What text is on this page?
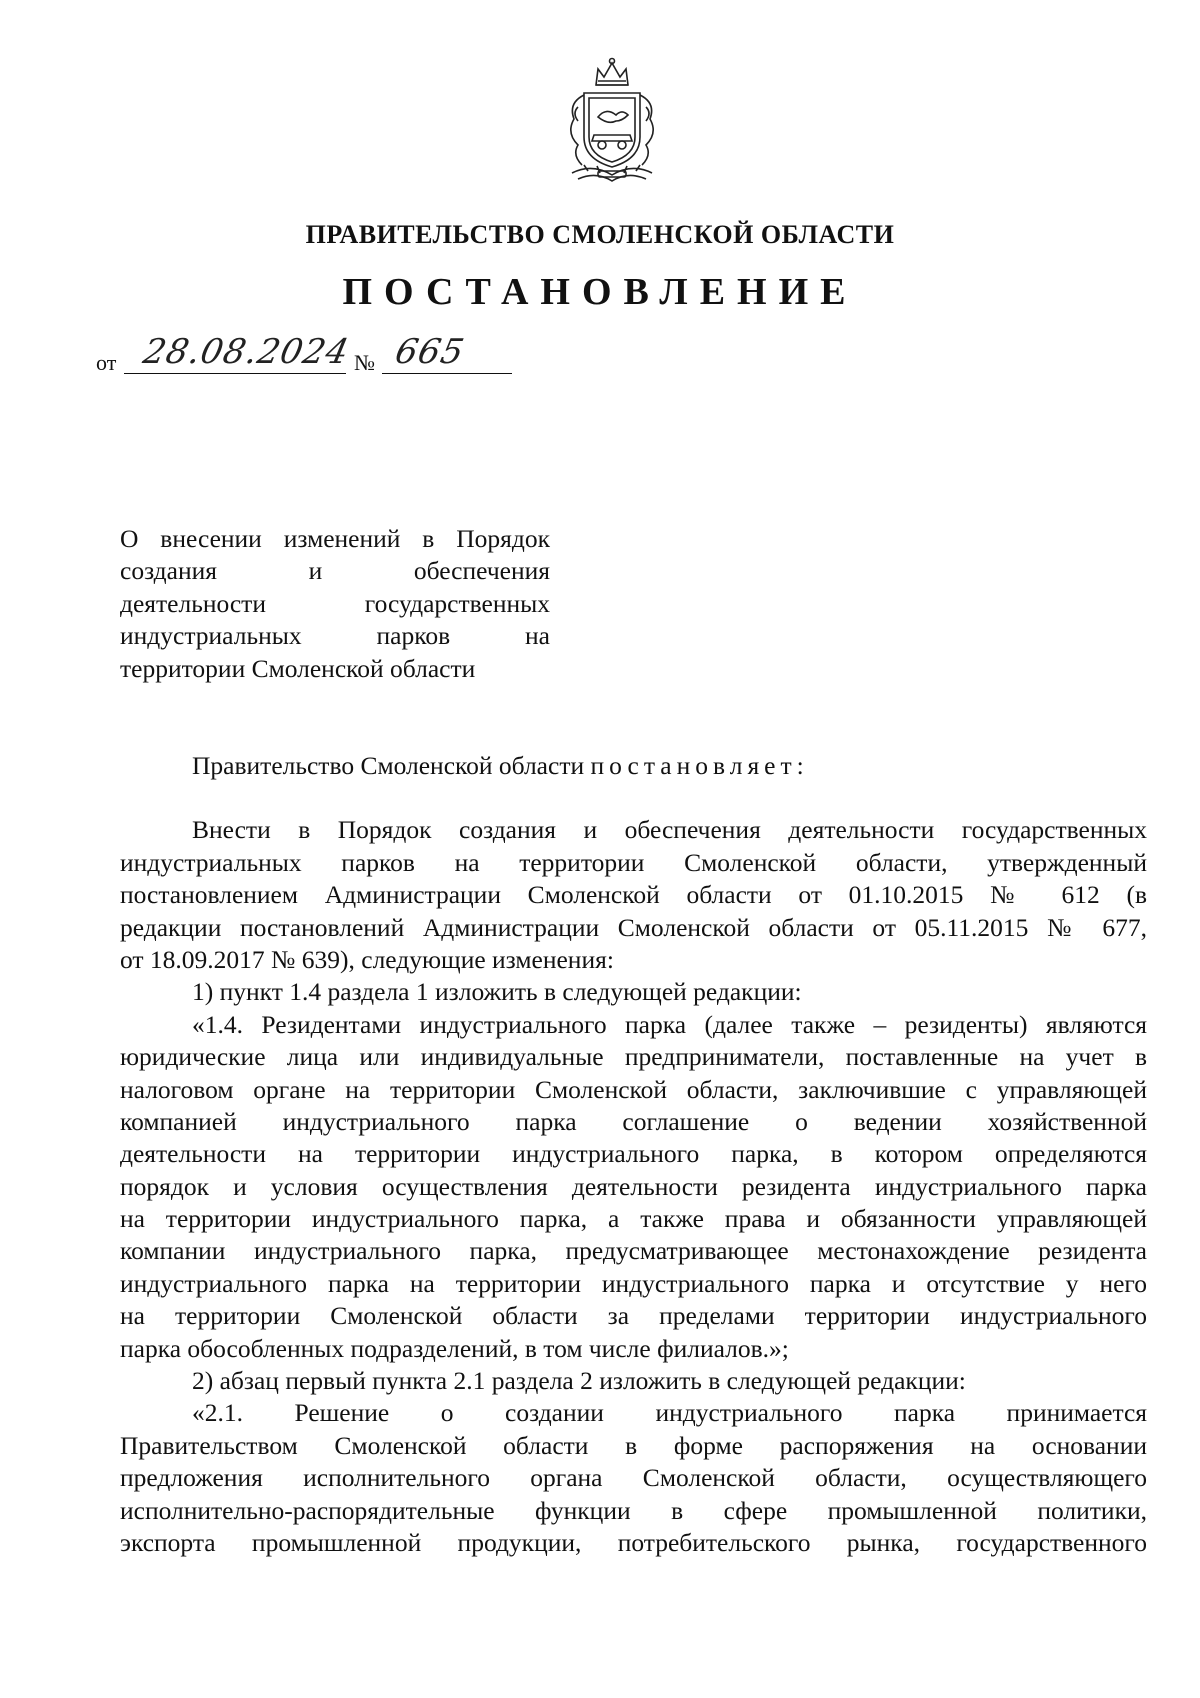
ПРАВИТЕЛЬСТВО СМОЛЕНСКОЙ ОБЛАСТИ
ПОСТАНОВЛЕНИЕ
от 28.08.2024 № 665
О внесении изменений в Порядок
создания и обеспечения
деятельности государственных
индустриальных парков на
территории Смоленской области
Правительство Смоленской области постановляет:
Внести в Порядок создания и обеспечения деятельности государственных
индустриальных парков на территории Смоленской области, утвержденный
постановлением Администрации Смоленской области от 01.10.2015 № 612 (в
редакции постановлений Администрации Смоленской области от 05.11.2015 № 677,
от 18.09.2017 № 639), следующие изменения:
1) пункт 1.4 раздела 1 изложить в следующей редакции:
«1.4. Резидентами индустриального парка (далее также – резиденты) являются
юридические лица или индивидуальные предприниматели, поставленные на учет в
налоговом органе на территории Смоленской области, заключившие с управляющей
компанией индустриального парка соглашение о ведении хозяйственной
деятельности на территории индустриального парка, в котором определяются
порядок и условия осуществления деятельности резидента индустриального парка
на территории индустриального парка, а также права и обязанности управляющей
компании индустриального парка, предусматривающее местонахождение резидента
индустриального парка на территории индустриального парка и отсутствие у него
на территории Смоленской области за пределами территории индустриального
парка обособленных подразделений, в том числе филиалов.»;
2) абзац первый пункта 2.1 раздела 2 изложить в следующей редакции:
«2.1. Решение о создании индустриального парка принимается
Правительством Смоленской области в форме распоряжения на основании
предложения исполнительного органа Смоленской области, осуществляющего
исполнительно-распорядительные функции в сфере промышленной политики,
экспорта промышленной продукции, потребительского рынка, государственного
